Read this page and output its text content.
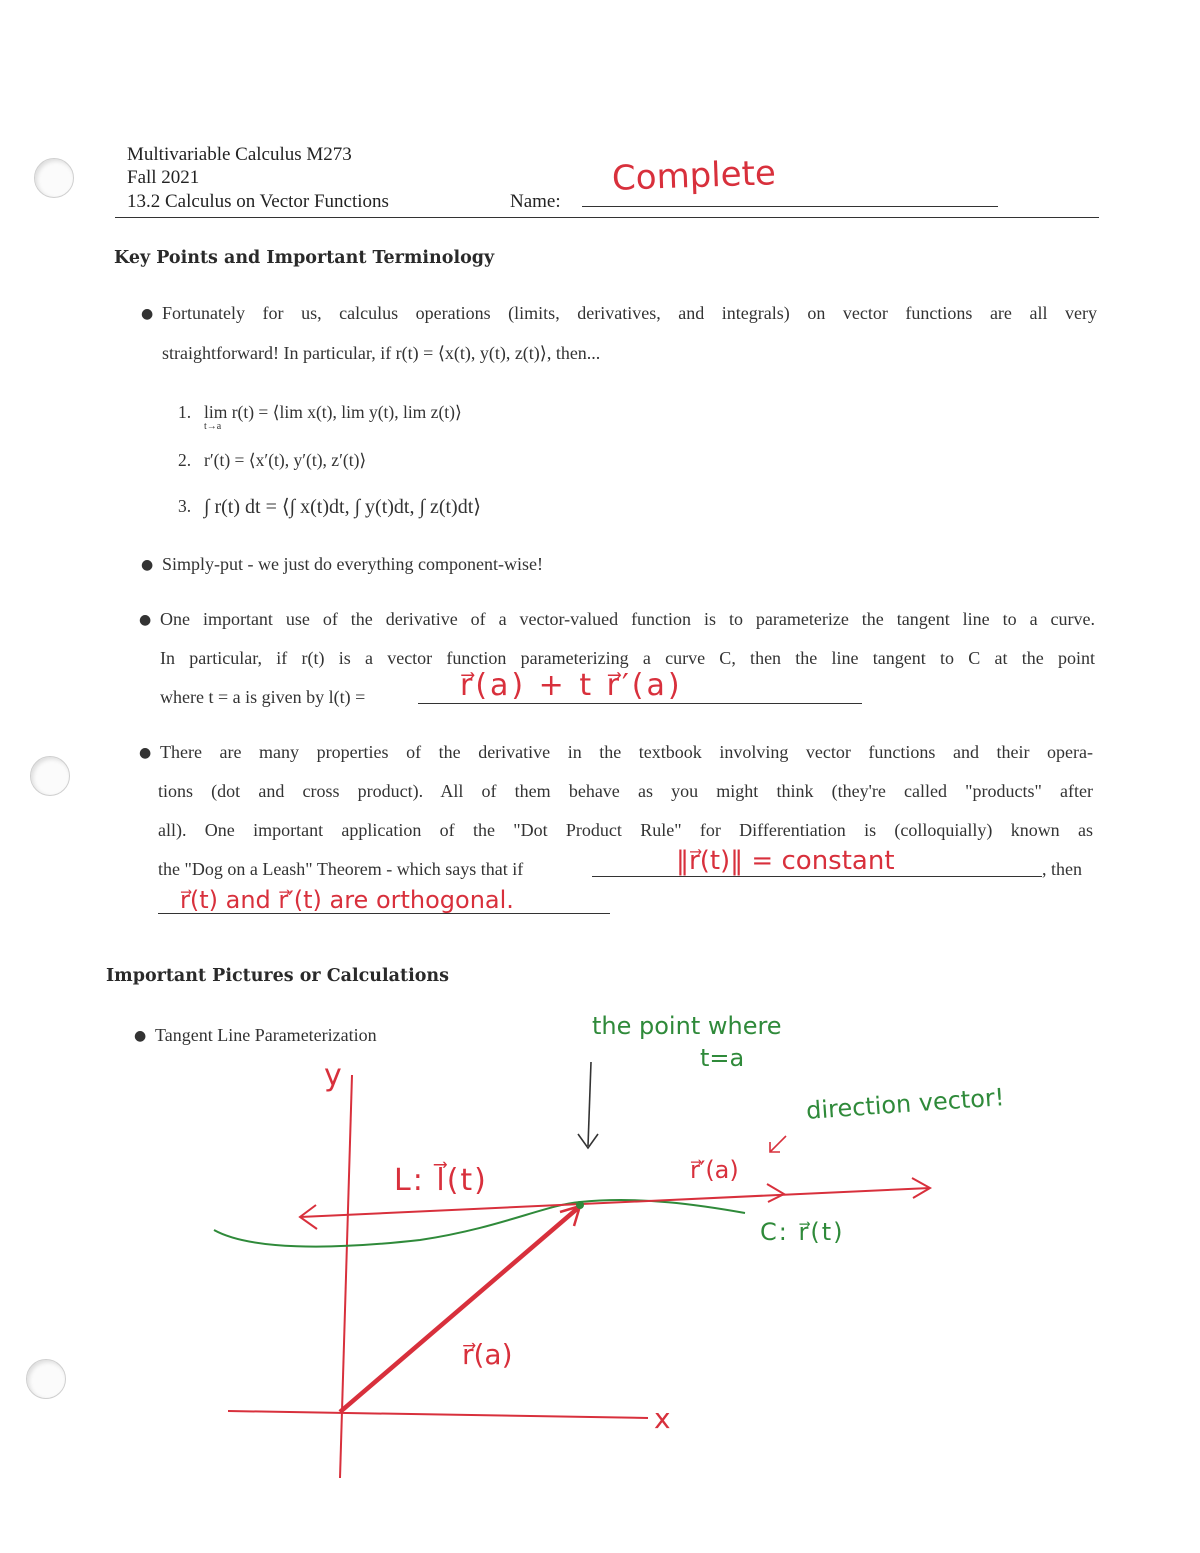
Multivariable Calculus M273
Fall 2021
13.2 Calculus on Vector Functions	Name:
Complete
Key Points and Important Terminology
● Fortunately for us, calculus operations (limits, derivatives, and integrals) on vector functions are all very
straightforward! In particular, if r(t) = ⟨x(t), y(t), z(t)⟩, then...
1. lim r(t) = ⟨lim x(t), lim y(t), lim z(t)⟩
t→a
2. r′(t) = ⟨x′(t), y′(t), z′(t)⟩
3. ∫ r(t) dt = ⟨∫ x(t)dt, ∫ y(t)dt, ∫ z(t)dt⟩
● Simply-put - we just do everything component-wise!
● One important use of the derivative of a vector-valued function is to parameterize the tangent line to a curve.
In particular, if r(t) is a vector function parameterizing a curve C, then the line tangent to C at the point
where t = a is given by l(t) =	r⃗(a) + t r⃗′(a)
● There are many properties of the derivative in the textbook involving vector functions and their opera-
tions (dot and cross product). All of them behave as you might think (they're called "products" after
all). One important application of the "Dot Product Rule" for Differentiation is (colloquially) known as
the "Dog on a Leash" Theorem - which says that if	, then
‖r⃗(t)‖ = constant
r⃗(t) and r⃗′(t) are orthogonal.
Important Pictures or Calculations
● Tangent Line Parameterization
y
x
L: l⃗(t)
the point where
t=a
direction vector!
r⃗′(a)
C: r⃗(t)
r⃗(a)
